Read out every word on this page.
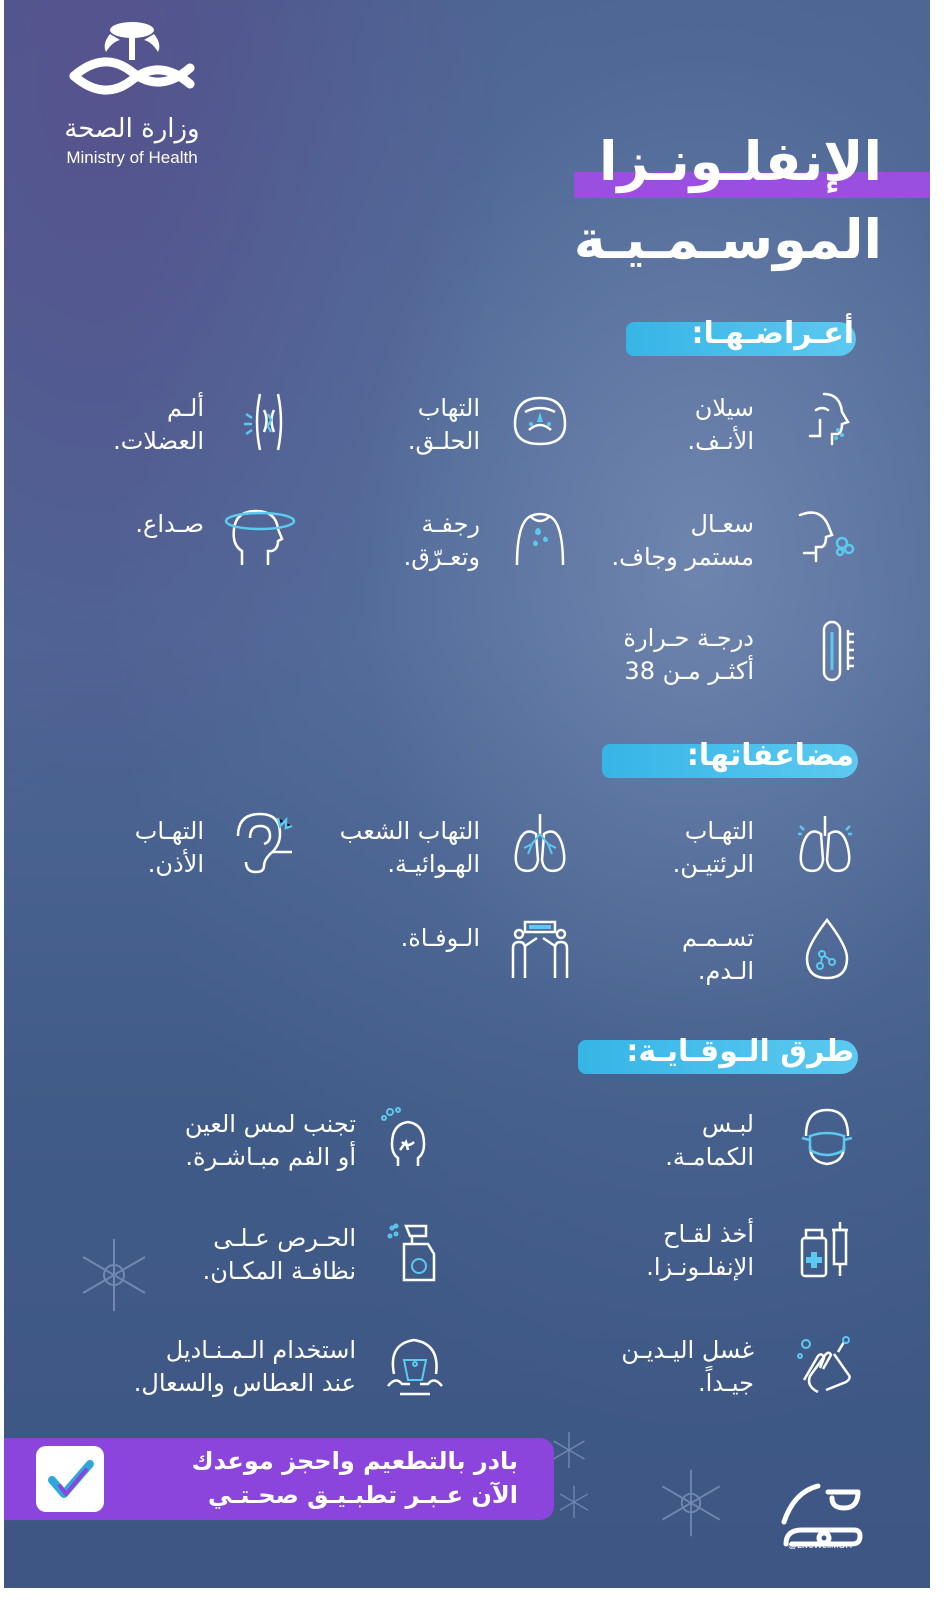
وزارة الصحة
Ministry of Health	الإنفلـونـزا
الموسـمـيـة
أعـراضـهـا:
سيلان
الأنـف.
التهاب
الحلـق.
ألـم
العضلات.
سعـال
مستمر وجاف.
رجفـة
وتعـرّق.
صـداع.
درجـة حـرارة
أكثـر مـن 38
مضاعفاتها:
التهـاب
الرئتيـن.
التهاب الشعب
الهـوائيـة.
التهـاب
الأذن.
تسـمـم
الـدم.
الـوفـاة.
طرق الـوقـايـة:
لبـس
الكمامـة.
تجنب لمس العين
أو الفم مبـاشـرة.
أخذ لقـاح
الإنفلـونـزا.
الحـرص عـلـى
نظافـة المكـان.
غسل اليـديـن
جيـداً.
استخدام الـمـنـاديل
عند العطاس والسعال.
بادر بالتطعيم واحجز موعدك
الآن عـبـر تطبـيـق صحـتـي
@LiveWellMOH
